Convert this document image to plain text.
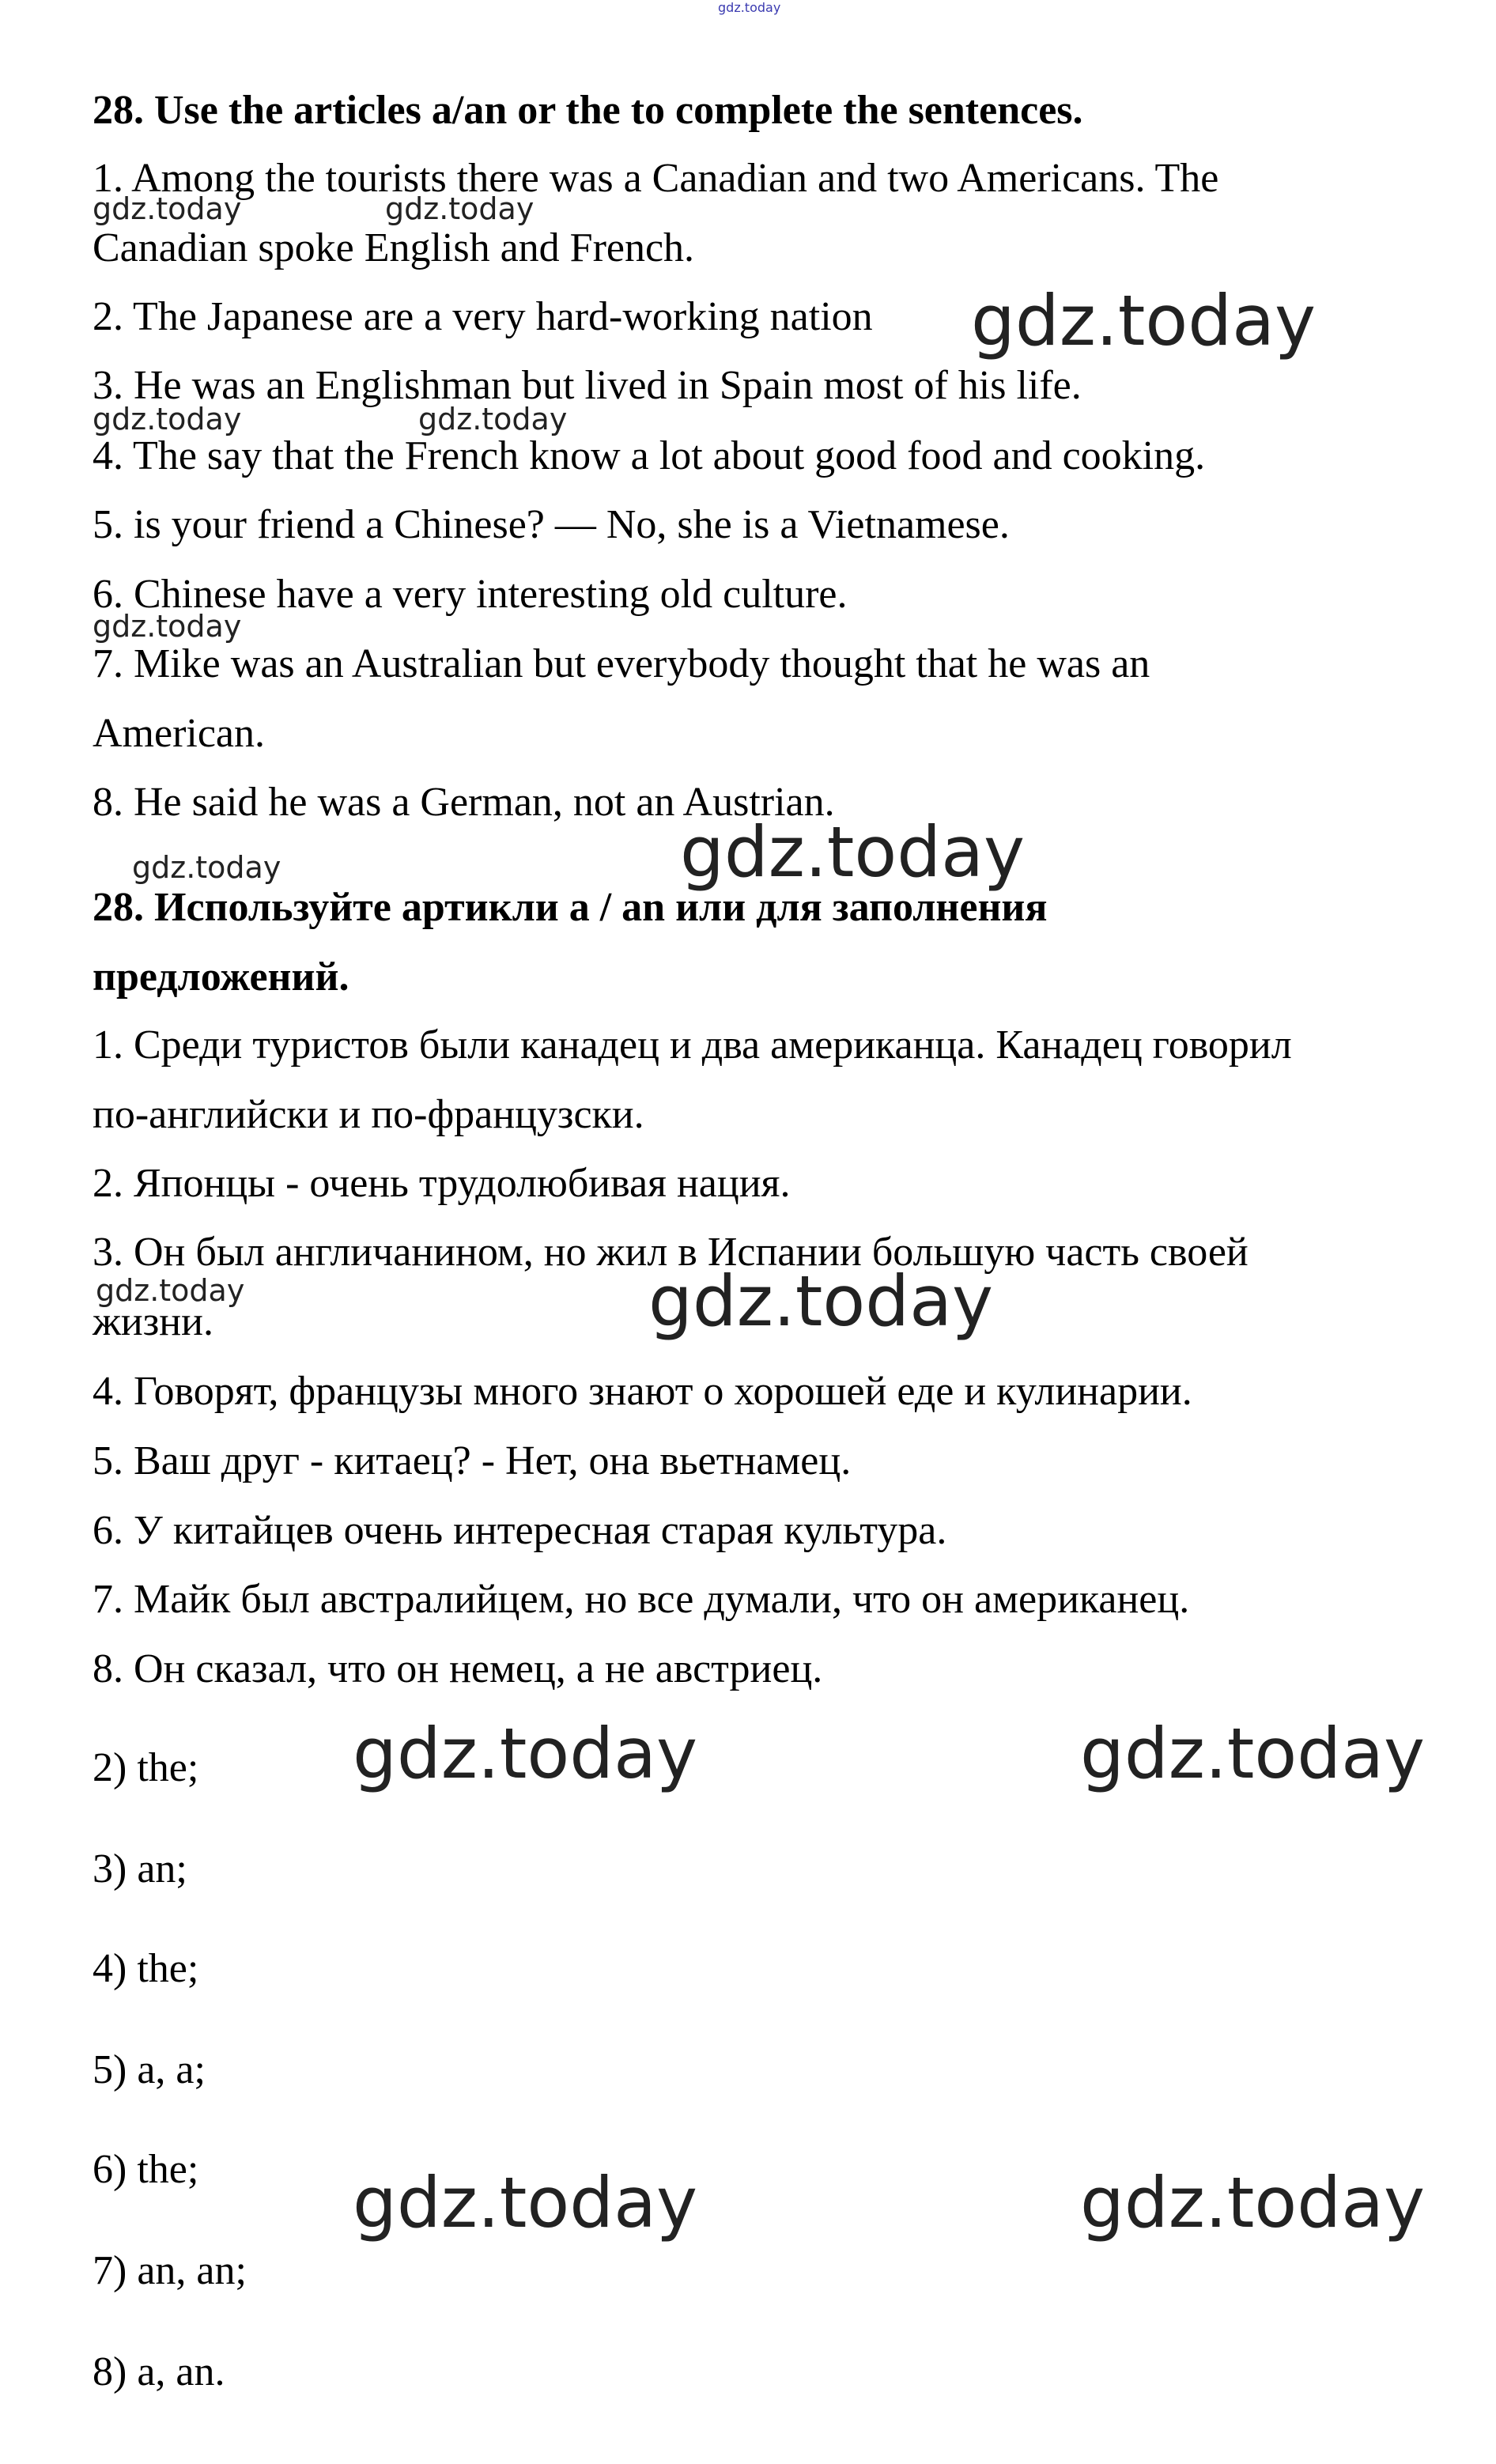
gdz.today

28. Use the articles a/an or the to complete the sentences.

1. Among the tourists there was a Canadian and two Americans. The

Canadian spoke English and French.

2. The Japanese are a very hard-working nation

3. He was an Englishman but lived in Spain most of his life.

4. The say that the French know a lot about good food and cooking.

5. is your friend a Chinese? — No, she is a Vietnamese.

6. Chinese have a very interesting old culture.

7. Mike was an Australian but everybody thought that he was an

American.

8. He said he was a German, not an Austrian.

28. Используйте артикли a / an или для заполнения

предложений.

1. Среди туристов были канадец и два американца. Канадец говорил

по-английски и по-французски.

2. Японцы - очень трудолюбивая нация.

3. Он был англичанином, но жил в Испании большую часть своей

жизни.

4. Говорят, французы много знают о хорошей еде и кулинарии.

5. Ваш друг - китаец? - Нет, она вьетнамец.

6. У китайцев очень интересная старая культура.

7. Майк был австралийцем, но все думали, что он американец.

8. Он сказал, что он немец, а не австриец.

2) the;

3) an;

4) the;

5) a, a;

6) the;

7) an, an;

8) a, an.

gdz.today	gdz.today
gdz.today	gdz.today
gdz.today
gdz.today
gdz.today
gdz.today
gdz.today
gdz.today
gdz.today	gdz.today
gdz.today	gdz.today
